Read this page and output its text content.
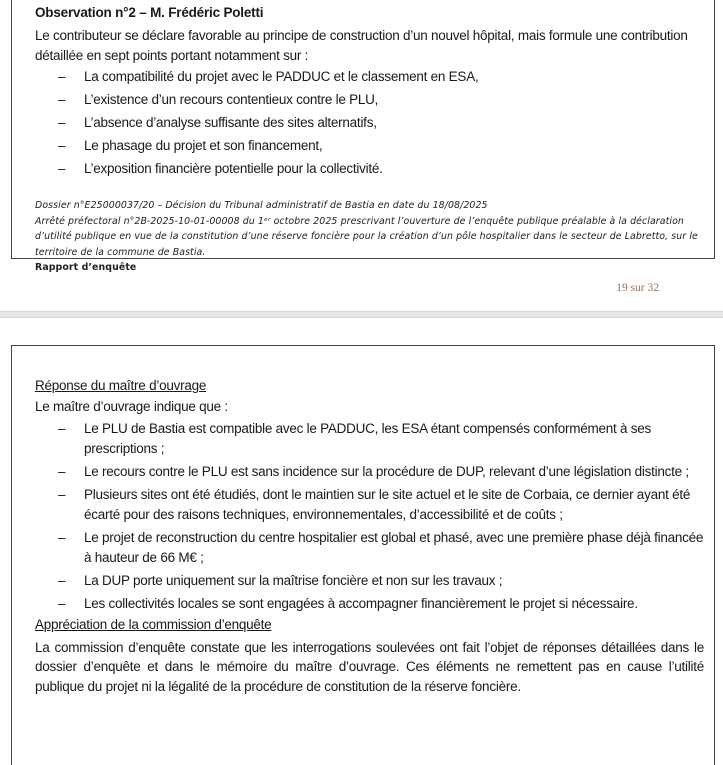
Observation n°2 – M. Frédéric Poletti
Le contributeur se déclare favorable au principe de construction d’un nouvel hôpital, mais formule une contribution détaillée en sept points portant notamment sur :
– La compatibilité du projet avec le PADDUC et le classement en ESA,
– L’existence d’un recours contentieux contre le PLU,
– L’absence d’analyse suffisante des sites alternatifs,
– Le phasage du projet et son financement,
– L’exposition financière potentielle pour la collectivité.
Dossier n°E25000037/20 – Décision du Tribunal administratif de Bastia en date du 18/08/2025
Arrêté préfectoral n°2B-2025-10-01-00008 du 1ᵉʳ octobre 2025 prescrivant l’ouverture de l’enquête publique préalable à la déclaration d’utilité publique en vue de la constitution d’une réserve foncière pour la création d’un pôle hospitalier dans le secteur de Labretto, sur le territoire de la commune de Bastia.
Rapport d’enquête
19 sur 32
Réponse du maître d’ouvrage
Le maître d’ouvrage indique que :
– Le PLU de Bastia est compatible avec le PADDUC, les ESA étant compensés conformément à ses prescriptions ;
– Le recours contre le PLU est sans incidence sur la procédure de DUP, relevant d’une législation distincte ;
– Plusieurs sites ont été étudiés, dont le maintien sur le site actuel et le site de Corbaia, ce dernier ayant été écarté pour des raisons techniques, environnementales, d’accessibilité et de coûts ;
– Le projet de reconstruction du centre hospitalier est global et phasé, avec une première phase déjà financée à hauteur de 66 M€ ;
– La DUP porte uniquement sur la maîtrise foncière et non sur les travaux ;
– Les collectivités locales se sont engagées à accompagner financièrement le projet si nécessaire.
Appréciation de la commission d’enquête
La commission d’enquête constate que les interrogations soulevées ont fait l’objet de réponses détaillées dans le dossier d’enquête et dans le mémoire du maître d’ouvrage. Ces éléments ne remettent pas en cause l’utilité publique du projet ni la légalité de la procédure de constitution de la réserve foncière.
